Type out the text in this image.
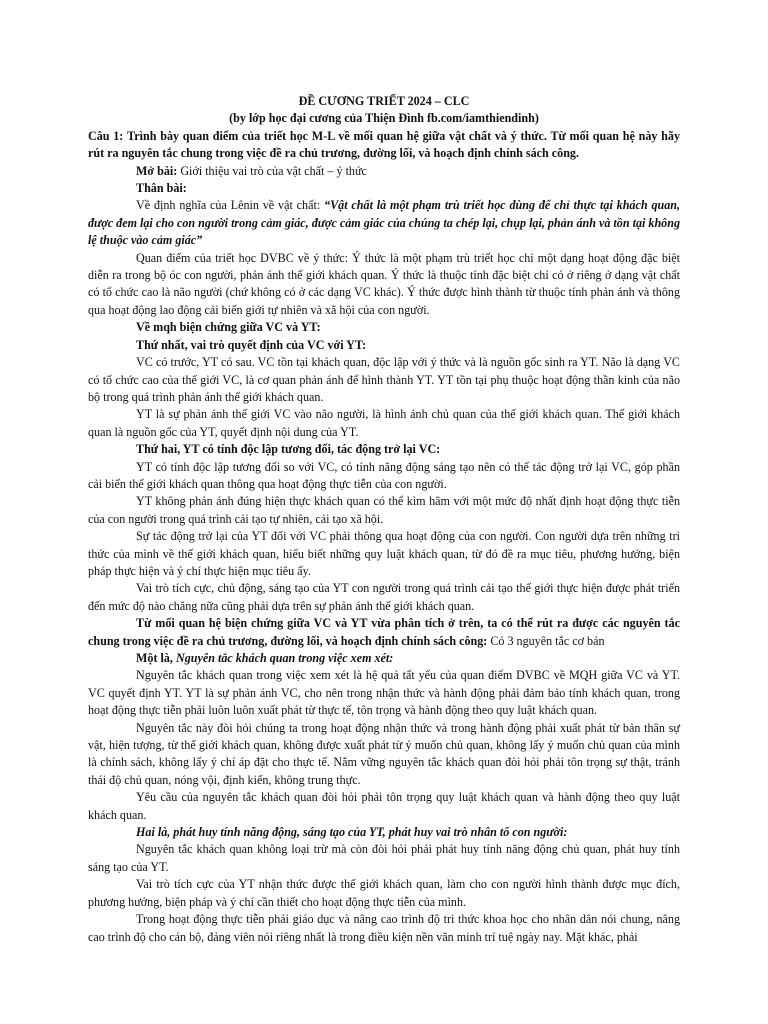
ĐỀ CƯƠNG TRIẾT 2024 – CLC
(by lớp học đại cương của Thiện Đình fb.com/iamthiendinh)

Câu 1: Trình bày quan điểm của triết học M-L về mối quan hệ giữa vật chất và ý thức. Từ mối quan hệ này hãy rút ra nguyên tắc chung trong việc đề ra chủ trương, đường lối, và hoạch định chính sách công.

Mở bài: Giới thiệu vai trò của vật chất – ý thức

Thân bài:

Về định nghĩa của Lênin về vật chất: “Vật chất là một phạm trù triết học dùng để chỉ thực tại khách quan, được đem lại cho con người trong cảm giác, được cảm giác của chúng ta chép lại, chụp lại, phản ánh và tồn tại không lệ thuộc vào cảm giác”

Quan điểm của triết học DVBC về ý thức: Ý thức là một phạm trù triết học chỉ một dạng hoạt động đặc biệt diễn ra trong bộ óc con người, phản ánh thế giới khách quan. Ý thức là thuộc tính đặc biệt chỉ có ở riêng ở dạng vật chất có tổ chức cao là não người (chứ không có ở các dạng VC khác). Ý thức được hình thành từ thuộc tính phản ánh và thông qua hoạt động lao động cải biến giới tự nhiên và xã hội của con người.

Về mqh biện chứng giữa VC và YT:

Thứ nhất, vai trò quyết định của VC với YT:

VC có trước, YT có sau. VC tồn tại khách quan, độc lập với ý thức và là nguồn gốc sinh ra YT. Não là dạng VC có tổ chức cao của thế giới VC, là cơ quan phản ánh để hình thành YT. YT tồn tại phụ thuộc hoạt động thần kinh của não bộ trong quá trình phản ánh thế giới khách quan.

YT là sự phản ánh thế giới VC vào não người, là hình ảnh chủ quan của thế giới khách quan. Thế giới khách quan là nguồn gốc của YT, quyết định nội dung của YT.

Thứ hai, YT có tính độc lập tương đối, tác động trở lại VC:

YT có tính độc lập tương đối so với VC, có tính năng động sáng tạo nên có thể tác động trở lại VC, góp phần cải biến thế giới khách quan thông qua hoạt động thực tiễn của con người.

YT không phản ánh đúng hiện thực khách quan có thể kìm hãm với một mức độ nhất định hoạt động thực tiễn của con người trong quá trình cải tạo tự nhiên, cải tạo xã hội.

Sự tác động trở lại của YT đối với VC phải thông qua hoạt động của con người. Con người dựa trên những tri thức của mình về thế giới khách quan, hiểu biết những quy luật khách quan, từ đó đề ra mục tiêu, phương hướng, biện pháp thực hiện và ý chí thực hiện mục tiêu ấy.

Vai trò tích cực, chủ động, sáng tạo của YT con người trong quá trình cải tạo thế giới thực hiện được phát triển đến mức độ nào chăng nữa cũng phải dựa trên sự phản ánh thế giới khách quan.

Từ mối quan hệ biện chứng giữa VC và YT vừa phân tích ở trên, ta có thể rút ra được các nguyên tắc chung trong việc đề ra chủ trương, đường lối, và hoạch định chính sách công: Có 3 nguyên tắc cơ bản

Một là, Nguyên tắc khách quan trong việc xem xét:

Nguyên tắc khách quan trong việc xem xét là hệ quả tất yếu của quan điểm DVBC về MQH giữa VC và YT. VC quyết định YT. YT là sự phản ánh VC, cho nên trong nhận thức và hành động phải đảm bảo tính khách quan, trong hoạt động thực tiễn phải luôn luôn xuất phát từ thực tế, tôn trọng và hành động theo quy luật khách quan.

Nguyên tắc này đòi hỏi chúng ta trong hoạt động nhận thức và trong hành động phải xuất phát từ bản thân sự vật, hiện tượng, từ thế giới khách quan, không được xuất phát từ ý muốn chủ quan, không lấy ý muốn chủ quan của mình là chính sách, không lấy ý chí áp đặt cho thực tế. Nắm vững nguyên tắc khách quan đòi hỏi phải tôn trọng sự thật, tránh thái độ chủ quan, nóng vội, định kiến, không trung thực.

Yêu cầu của nguyên tắc khách quan đòi hỏi phải tôn trọng quy luật khách quan và hành động theo quy luật khách quan.

Hai là, phát huy tính năng động, sáng tạo của YT, phát huy vai trò nhân tố con người:

Nguyên tắc khách quan không loại trừ mà còn đòi hỏi phải phát huy tính năng động chủ quan, phát huy tính sáng tạo của YT.

Vai trò tích cực của YT nhận thức được thế giới khách quan, làm cho con người hình thành được mục đích, phương hướng, biện pháp và ý chí cần thiết cho hoạt động thực tiễn của mình.

Trong hoạt động thực tiễn phải giáo dục và nâng cao trình độ tri thức khoa học cho nhân dân nói chung, nâng cao trình độ cho cán bộ, đảng viên nói riêng nhất là trong điều kiện nền văn minh trí tuệ ngày nay. Mặt khác, phải
